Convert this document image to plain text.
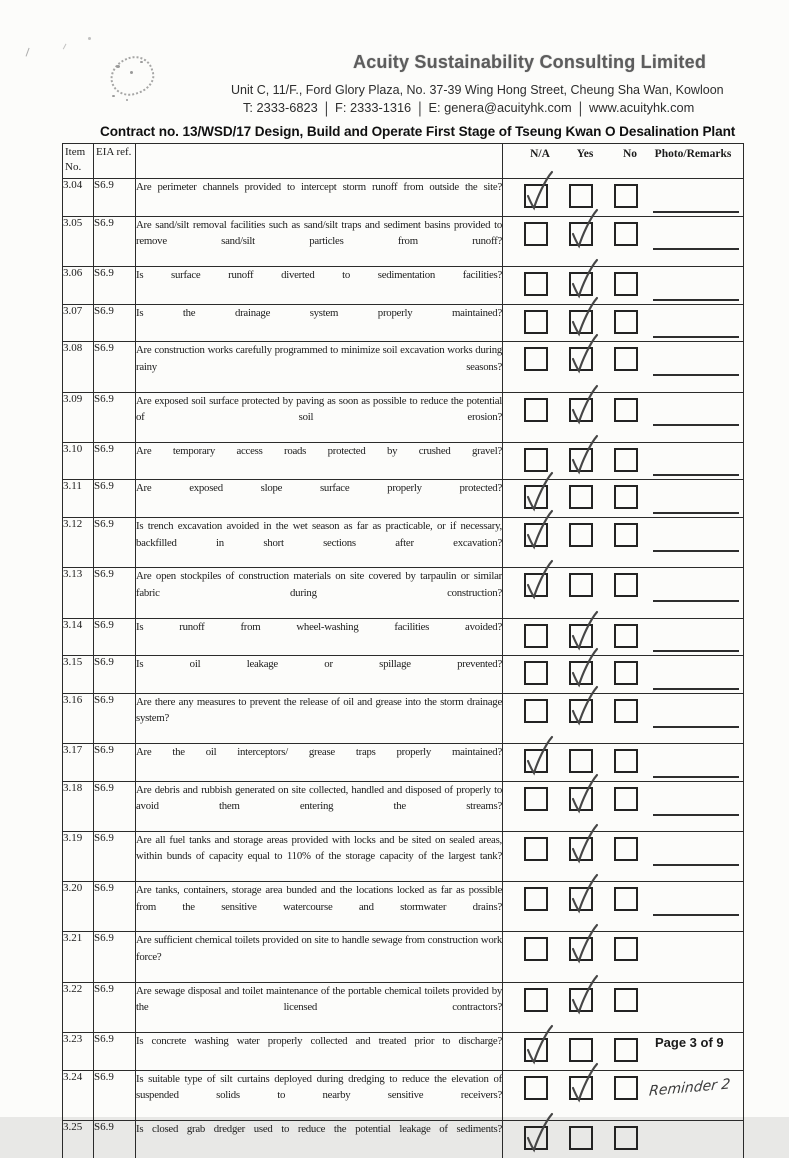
Acuity Sustainability Consulting Limited
Unit C, 11/F., Ford Glory Plaza, No. 37-39 Wing Hong Street, Cheung Sha Wan, Kowloon
T: 2333-6823 | F: 2333-1316 | E: genera@acuityhk.com | www.acuityhk.com
Contract no. 13/WSD/17 Design, Build and Operate First Stage of Tseung Kwan O Desalination Plant
Item
No.	EIA ref.		N/A Yes No Photo/Remarks

3.04	S6.9	Are perimeter channels provided to intercept storm runoff from outside the site?	

3.05	S6.9	Are sand/silt removal facilities such as sand/silt traps and sediment basins provided to remove sand/silt particles from runoff?	

3.06	S6.9	Is surface runoff diverted to sedimentation facilities?	

3.07	S6.9	Is the drainage system properly maintained?	

3.08	S6.9	Are construction works carefully programmed to minimize soil excavation works during rainy seasons?	

3.09	S6.9	Are exposed soil surface protected by paving as soon as possible to reduce the potential of soil erosion?	

3.10	S6.9	Are temporary access roads protected by crushed gravel?	

3.11	S6.9	Are exposed slope surface properly protected?	

3.12	S6.9	Is trench excavation avoided in the wet season as far as practicable, or if necessary, backfilled in short sections after excavation?	

3.13	S6.9	Are open stockpiles of construction materials on site covered by tarpaulin or similar fabric during construction?	

3.14	S6.9	Is runoff from wheel-washing facilities avoided?	

3.15	S6.9	Is oil leakage or spillage prevented?	

3.16	S6.9	Are there any measures to prevent the release of oil and grease into the storm drainage system?	

3.17	S6.9	Are the oil interceptors/ grease traps properly maintained?	

3.18	S6.9	Are debris and rubbish generated on site collected, handled and disposed of properly to avoid them entering the streams?	

3.19	S6.9	Are all fuel tanks and storage areas provided with locks and be sited on sealed areas, within bunds of capacity equal to 110% of the storage capacity of the largest tank?	

3.20	S6.9	Are tanks, containers, storage area bunded and the locations locked as far as possible from the sensitive watercourse and stormwater drains?	

3.21	S6.9	Are sufficient chemical toilets provided on site to handle sewage from construction work force?	

3.22	S6.9	Are sewage disposal and toilet maintenance of the portable chemical toilets provided by the licensed contractors?	

3.23	S6.9	Is concrete washing water properly collected and treated prior to discharge?	

3.24	S6.9	Is suitable type of silt curtains deployed during dredging to reduce the elevation of suspended solids to nearby sensitive receivers?	Reminder 2

3.25	S6.9	Is closed grab dredger used to reduce the potential leakage of sediments?	
Page 3 of 9
